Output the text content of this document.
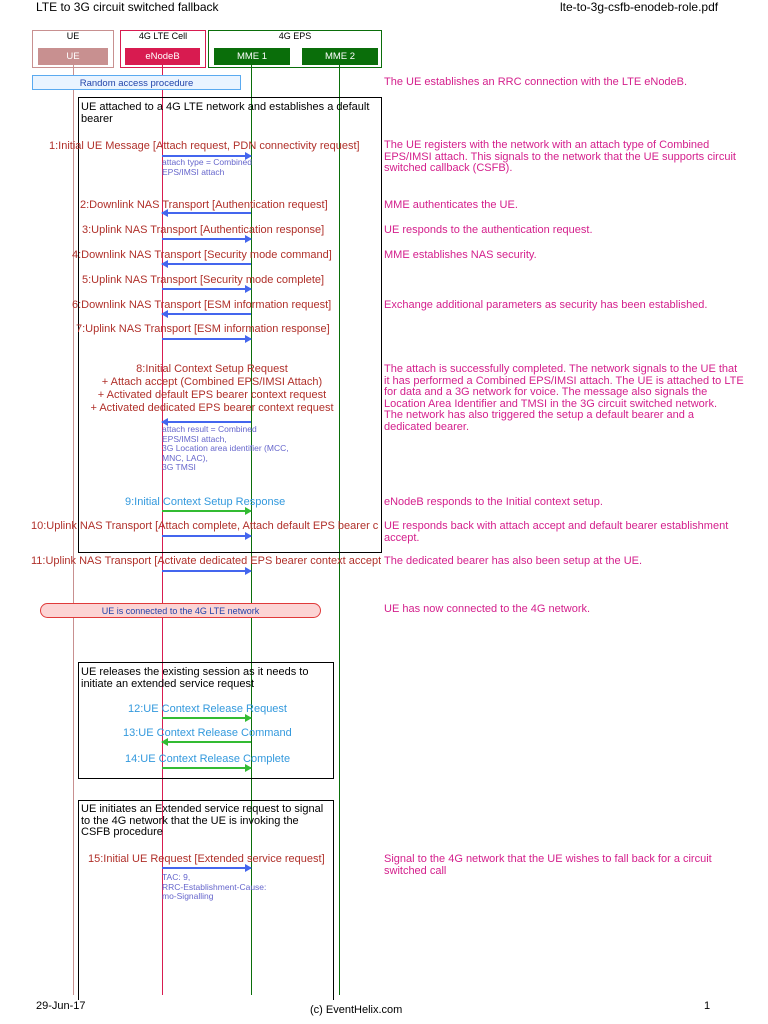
LTE to 3G circuit switched fallback	lte-to-3g-csfb-enodeb-role.pdf
UE	4G LTE Cell	4G EPS
UE	eNodeB	MME 1	MME 2
Random access procedure	The UE establishes an RRC connection with the LTE eNodeB.
UE attached to a 4G LTE network and establishes a default bearer
1:Initial UE Message [Attach request, PDN connectivity request]
attach type = Combined
EPS/IMSI attach
The UE registers with the network with an attach type of Combined EPS/IMSI attach. This signals to the network that the UE supports circuit switched callback (CSFB).
2:Downlink NAS Transport [Authentication request]	MME authenticates the UE.
3:Uplink NAS Transport [Authentication response]	UE responds to the authentication request.
4:Downlink NAS Transport [Security mode command]	MME establishes NAS security.
5:Uplink NAS Transport [Security mode complete]
6:Downlink NAS Transport [ESM information request]	Exchange additional parameters as security has been established.
7:Uplink NAS Transport [ESM information response]
8:Initial Context Setup Request
+ Attach accept (Combined EPS/IMSI Attach)
+ Activated default EPS bearer context request
+ Activated dedicated EPS bearer context request
attach result = Combined
EPS/IMSI attach,
3G Location area identifier (MCC,
MNC, LAC),
3G TMSI
The attach is successfully completed. The network signals to the UE that it has performed a Combined EPS/IMSI attach. The UE is attached to LTE for data and a 3G network for voice. The message also signals the Location Area Identifier and TMSI in the 3G circuit switched network.
The network has also triggered the setup a default bearer and a dedicated bearer.
9:Initial Context Setup Response	eNodeB responds to the Initial context setup.
10:Uplink NAS Transport [Attach complete, Attach default EPS bearer c UE responds back with attach accept and default bearer establishment accept.
11:Uplink NAS Transport [Activate dedicated EPS bearer context accept The dedicated bearer has also been setup at the UE.
UE is connected to the 4G LTE network	UE has now connected to the 4G network.
UE releases the existing session as it needs to initiate an extended service request
12:UE Context Release Request
13:UE Context Release Command
14:UE Context Release Complete
UE initiates an Extended service request to signal to the 4G network that the UE is invoking the CSFB procedure
15:Initial UE Request [Extended service request]
TAC: 9,
RRC-Establishment-Cause:
mo-Signalling
Signal to the 4G network that the UE wishes to fall back for a circuit switched call
29-Jun-17	(c) EventHelix.com	1
